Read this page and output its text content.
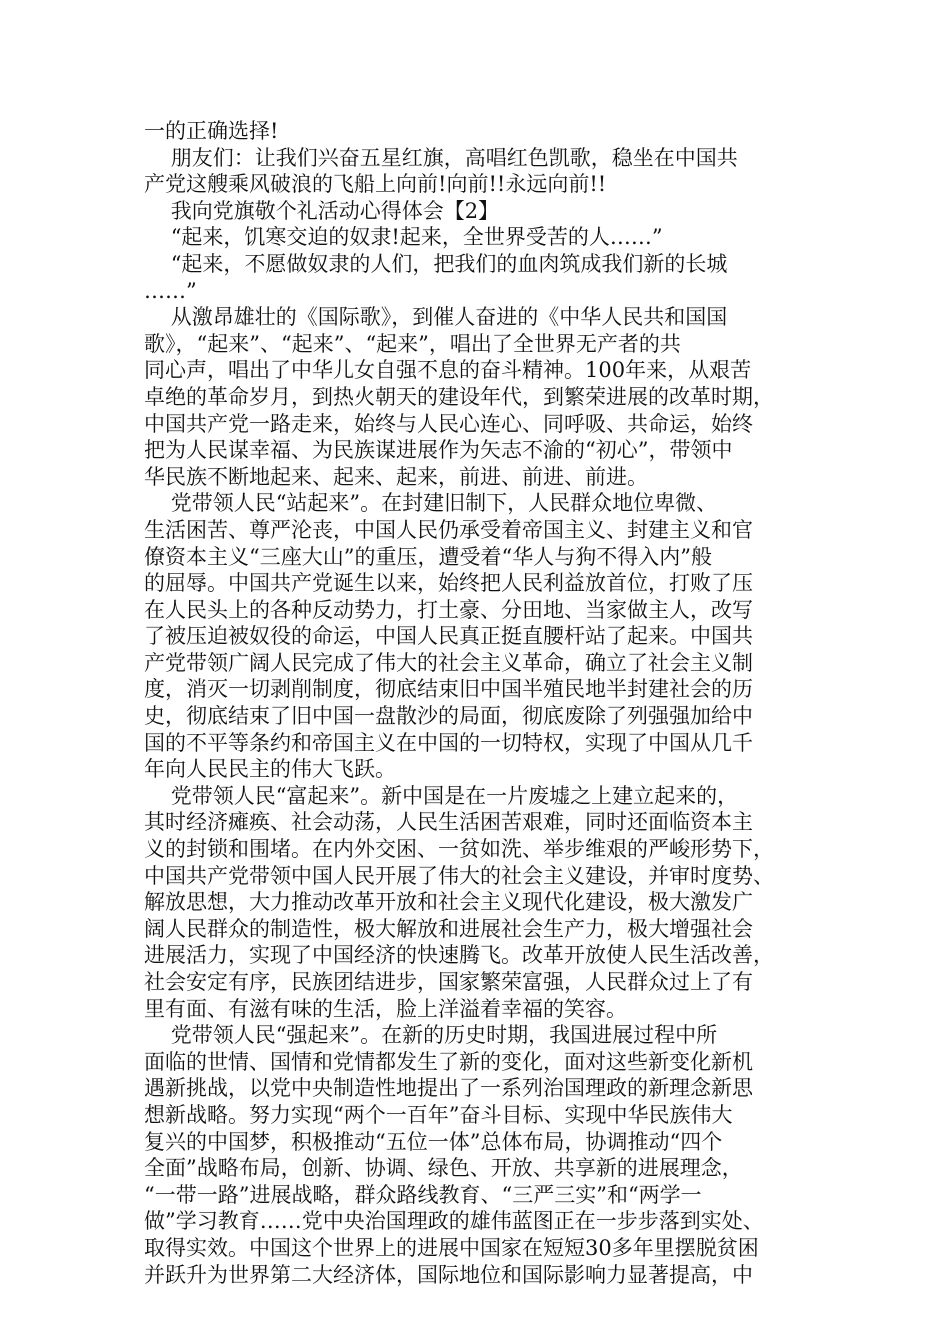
一的正确选择!
朋友们：让我们兴奋五星红旗，高唱红色凯歌，稳坐在中国共
产党这艘乘风破浪的飞船上向前!向前!!永远向前!!
我向党旗敬个礼活动心得体会【2】
“起来，饥寒交迫的奴隶!起来，全世界受苦的人……”
“起来，不愿做奴隶的人们，把我们的血肉筑成我们新的长城
……”
从激昂雄壮的《国际歌》，到催人奋进的《中华人民共和国国
歌》，“起来”、“起来”、“起来”，唱出了全世界无产者的共
同心声，唱出了中华儿女自强不息的奋斗精神。100年来，从艰苦
卓绝的革命岁月，到热火朝天的建设年代，到繁荣进展的改革时期，
中国共产党一路走来，始终与人民心连心、同呼吸、共命运，始终
把为人民谋幸福、为民族谋进展作为矢志不渝的“初心”，带领中
华民族不断地起来、起来、起来，前进、前进、前进。
党带领人民“站起来”。在封建旧制下，人民群众地位卑微、
生活困苦、尊严沦丧，中国人民仍承受着帝国主义、封建主义和官
僚资本主义“三座大山”的重压，遭受着“华人与狗不得入内”般
的屈辱。中国共产党诞生以来，始终把人民利益放首位，打败了压
在人民头上的各种反动势力，打土豪、分田地、当家做主人，改写
了被压迫被奴役的命运，中国人民真正挺直腰杆站了起来。中国共
产党带领广阔人民完成了伟大的社会主义革命，确立了社会主义制
度，消灭一切剥削制度，彻底结束旧中国半殖民地半封建社会的历
史，彻底结束了旧中国一盘散沙的局面，彻底废除了列强强加给中
国的不平等条约和帝国主义在中国的一切特权，实现了中国从几千
年向人民民主的伟大飞跃。
党带领人民“富起来”。新中国是在一片废墟之上建立起来的，
其时经济瘫痪、社会动荡，人民生活困苦艰难，同时还面临资本主
义的封锁和围堵。在内外交困、一贫如洗、举步维艰的严峻形势下，
中国共产党带领中国人民开展了伟大的社会主义建设，并审时度势、
解放思想，大力推动改革开放和社会主义现代化建设，极大激发广
阔人民群众的制造性，极大解放和进展社会生产力，极大增强社会
进展活力，实现了中国经济的快速腾飞。改革开放使人民生活改善，
社会安定有序，民族团结进步，国家繁荣富强，人民群众过上了有
里有面、有滋有味的生活，脸上洋溢着幸福的笑容。
党带领人民“强起来”。在新的历史时期，我国进展过程中所
面临的世情、国情和党情都发生了新的变化，面对这些新变化新机
遇新挑战，以党中央制造性地提出了一系列治国理政的新理念新思
想新战略。努力实现“两个一百年”奋斗目标、实现中华民族伟大
复兴的中国梦，积极推动“五位一体”总体布局，协调推动“四个
全面”战略布局，创新、协调、绿色、开放、共享新的进展理念，
“一带一路”进展战略，群众路线教育、“三严三实”和“两学一
做”学习教育……党中央治国理政的雄伟蓝图正在一步步落到实处、
取得实效。中国这个世界上的进展中国家在短短30多年里摆脱贫困
并跃升为世界第二大经济体，国际地位和国际影响力显著提高，中
